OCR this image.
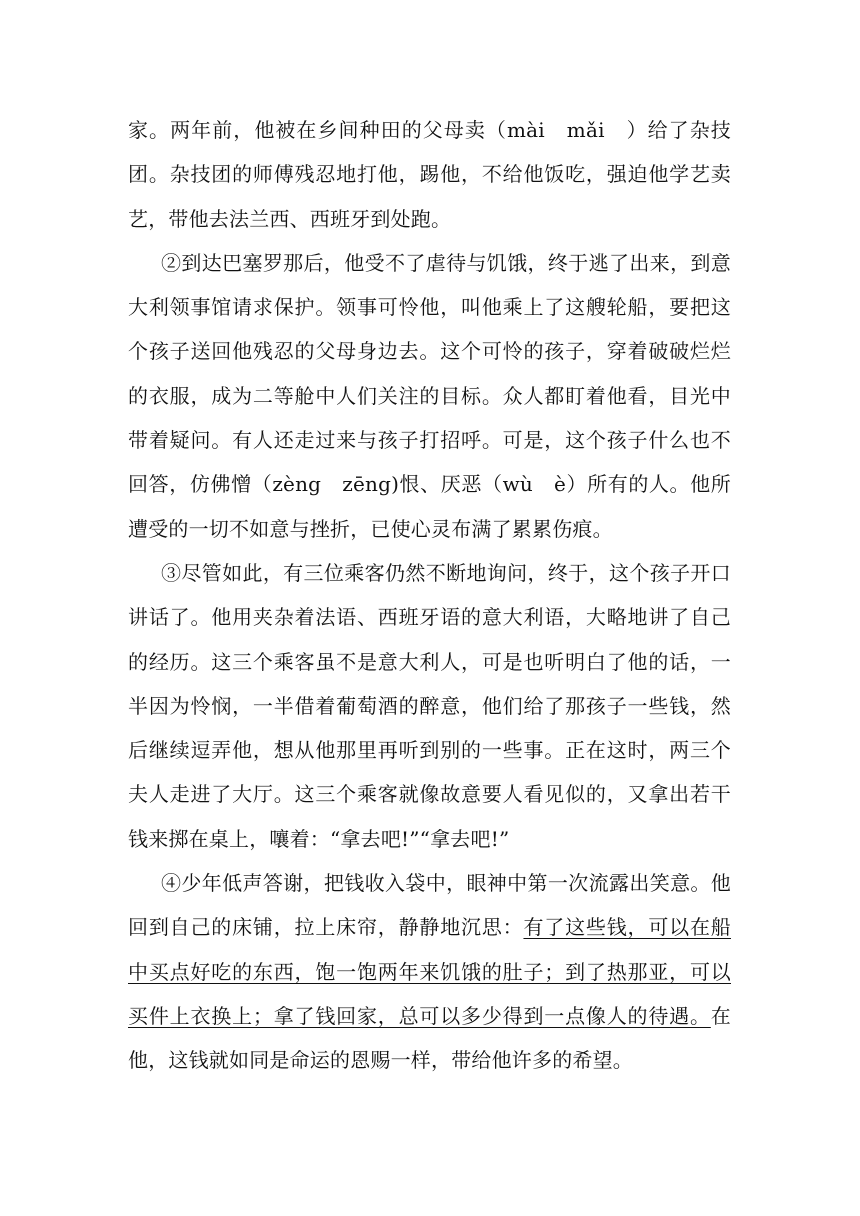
家。两年前，他被在乡间种田的父母卖（mài　mǎi　）给了杂技团。杂技团的师傅残忍地打他，踢他，不给他饭吃，强迫他学艺卖艺，带他去法兰西、西班牙到处跑。

②到达巴塞罗那后，他受不了虐待与饥饿，终于逃了出来，到意大利领事馆请求保护。领事可怜他，叫他乘上了这艘轮船，要把这个孩子送回他残忍的父母身边去。这个可怜的孩子，穿着破破烂烂的衣服，成为二等舱中人们关注的目标。众人都盯着他看，目光中带着疑问。有人还走过来与孩子打招呼。可是，这个孩子什么也不回答，仿佛憎（zèng　zēng)恨、厌恶（wù　è）所有的人。他所遭受的一切不如意与挫折，已使心灵布满了累累伤痕。

③尽管如此，有三位乘客仍然不断地询问，终于，这个孩子开口讲话了。他用夹杂着法语、西班牙语的意大利语，大略地讲了自己的经历。这三个乘客虽不是意大利人，可是也听明白了他的话，一半因为怜悯，一半借着葡萄酒的醉意，他们给了那孩子一些钱，然后继续逗弄他，想从他那里再听到别的一些事。正在这时，两三个夫人走进了大厅。这三个乘客就像故意要人看见似的，又拿出若干钱来掷在桌上，嚷着：“拿去吧!”“拿去吧!”

④少年低声答谢，把钱收入袋中，眼神中第一次流露出笑意。他回到自己的床铺，拉上床帘，静静地沉思：有了这些钱，可以在船中买点好吃的东西，饱一饱两年来饥饿的肚子；到了热那亚，可以买件上衣换上；拿了钱回家，总可以多少得到一点像人的待遇。在他，这钱就如同是命运的恩赐一样，带给他许多的希望。
